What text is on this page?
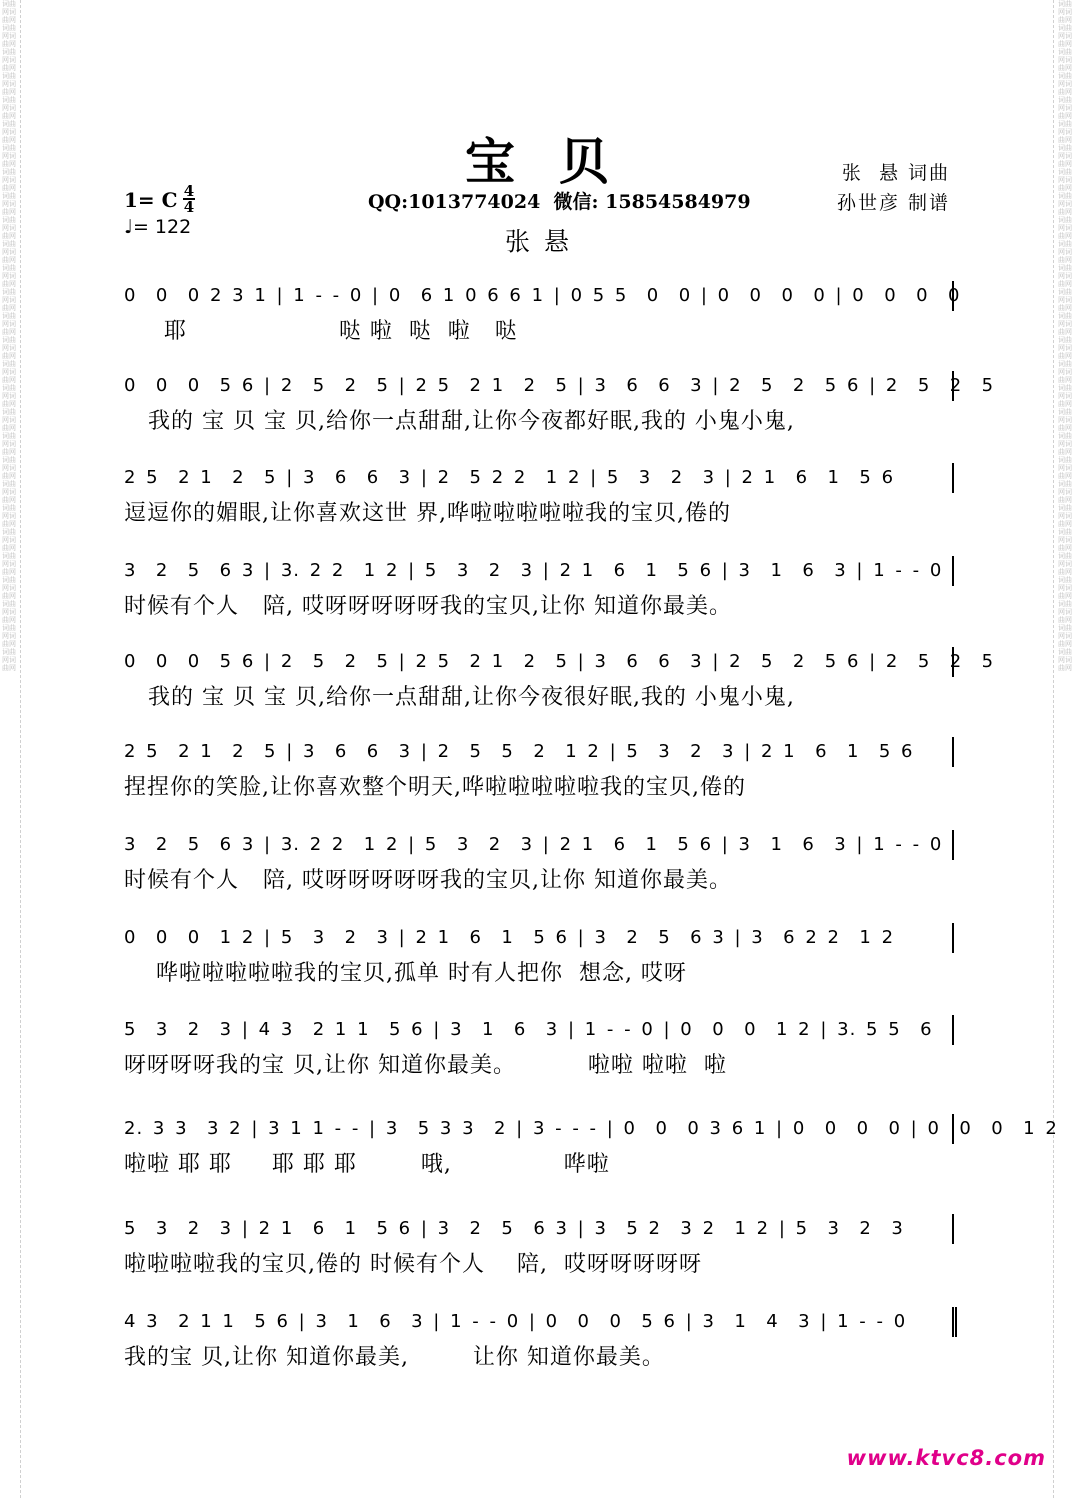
词曲网词曲网词曲网词曲网词曲网词曲网词曲网词曲网词曲网词曲网词曲网词曲网词曲网词曲网词曲网词曲网词曲网词曲网词曲网词曲网词曲网词曲网词曲网词曲网词曲网词曲网词曲网词曲网词曲网词曲网词曲网词曲网词曲网词曲网词曲网词曲网词曲网词曲网词曲网词曲网词曲网词曲网词曲网词曲网词曲网词曲网词曲网词曲网词曲网词曲网词曲网词曲网词曲网词曲网词曲网词曲网
词曲网词曲网词曲网词曲网词曲网词曲网词曲网词曲网词曲网词曲网词曲网词曲网词曲网词曲网词曲网词曲网词曲网词曲网词曲网词曲网词曲网词曲网词曲网词曲网词曲网词曲网词曲网词曲网词曲网词曲网词曲网词曲网词曲网词曲网词曲网词曲网词曲网词曲网词曲网词曲网词曲网词曲网词曲网词曲网词曲网词曲网词曲网词曲网词曲网词曲网词曲网词曲网词曲网词曲网词曲网词曲网
宝贝	张  悬 词曲
孙世彦 制谱
1= C 4
4
♩= 122
QQ:1013774024  微信: 15854584979
张悬
0  0  0 2 3 1 | 1 - - 0 | 0  6 1 0 6 6 1 | 0 5 5  0  0 | 0  0  0  0 | 0  0  0  0
耶                   哒 啦  哒  啦   哒
0  0  0  5 6 | 2  5  2  5 | 2 5  2 1  2  5 | 3  6  6  3 | 2  5  2  5 6 | 2  5  2  5
我的 宝 贝 宝 贝,给你一点甜甜,让你今夜都好眠,我的 小鬼小鬼,
2 5  2 1  2  5 | 3  6  6  3 | 2  5 2 2  1 2 | 5  3  2  3 | 2 1  6  1  5 6
逗逗你的媚眼,让你喜欢这世 界,哗啦啦啦啦啦我的宝贝,倦的
3  2  5  6 3 | 3. 2 2  1 2 | 5  3  2  3 | 2 1  6  1  5 6 | 3  1  6  3 | 1 - - 0
时候有个人   陪, 哎呀呀呀呀呀我的宝贝,让你 知道你最美。
0  0  0  5 6 | 2  5  2  5 | 2 5  2 1  2  5 | 3  6  6  3 | 2  5  2  5 6 | 2  5  2  5
我的 宝 贝 宝 贝,给你一点甜甜,让你今夜很好眠,我的 小鬼小鬼,
2 5  2 1  2  5 | 3  6  6  3 | 2  5  5  2  1 2 | 5  3  2  3 | 2 1  6  1  5 6
捏捏你的笑脸,让你喜欢整个明天,哗啦啦啦啦啦我的宝贝,倦的
3  2  5  6 3 | 3. 2 2  1 2 | 5  3  2  3 | 2 1  6  1  5 6 | 3  1  6  3 | 1 - - 0
时候有个人   陪, 哎呀呀呀呀呀我的宝贝,让你 知道你最美。
0  0  0  1 2 | 5  3  2  3 | 2 1  6  1  5 6 | 3  2  5  6 3 | 3  6 2 2  1 2
哗啦啦啦啦啦我的宝贝,孤单 时有人把你  想念, 哎呀
5  3  2  3 | 4 3  2 1 1  5 6 | 3  1  6  3 | 1 - - 0 | 0  0  0  1 2 | 3. 5 5  6
呀呀呀呀我的宝 贝,让你 知道你最美。         啦啦 啦啦  啦
2. 3 3  3 2 | 3 1 1 - - | 3  5 3 3  2 | 3 - - - | 0  0  0 3 6 1 | 0  0  0  0 | 0  0  0  1 2
啦啦 耶 耶     耶 耶 耶        哦,              哗啦
5  3  2  3 | 2 1  6  1  5 6 | 3  2  5  6 3 | 3  5 2  3 2  1 2 | 5  3  2  3
啦啦啦啦我的宝贝,倦的 时候有个人    陪,  哎呀呀呀呀呀
4 3  2 1 1  5 6 | 3  1  6  3 | 1 - - 0 | 0  0  0  5 6 | 3  1  4  3 | 1 - - 0
我的宝 贝,让你 知道你最美,        让你 知道你最美。
www.ktvc8.com
